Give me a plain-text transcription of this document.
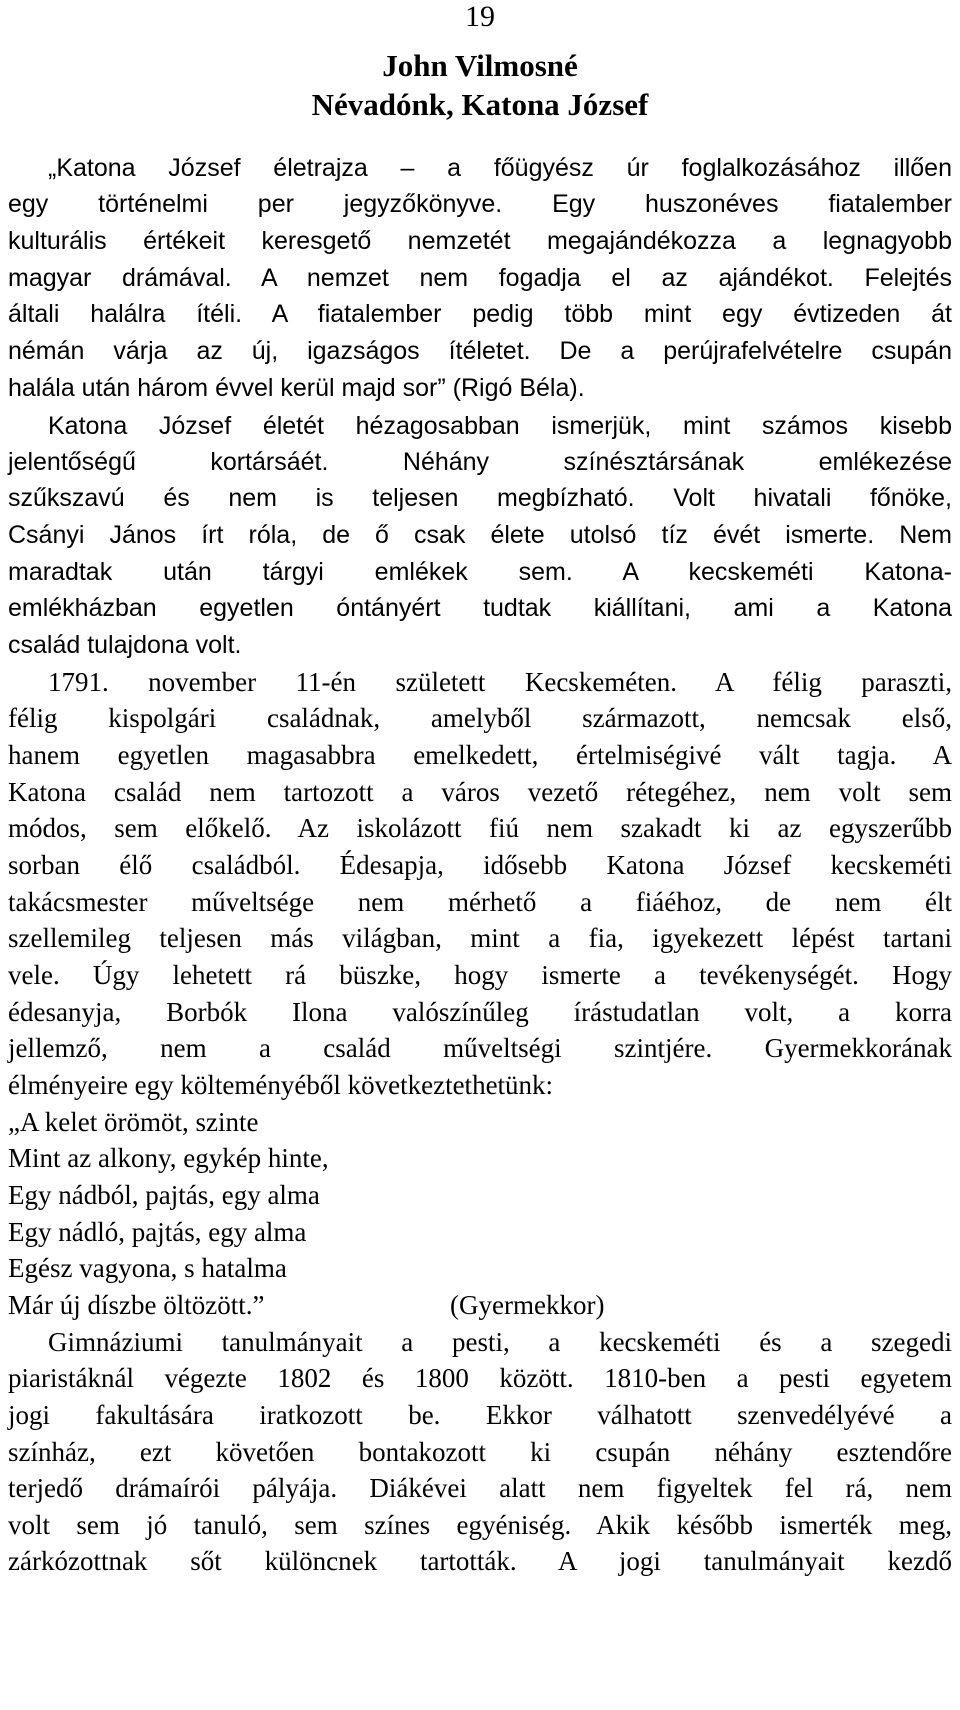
19
John Vilmosné
Névadónk, Katona József
„Katona József életrajza – a főügyész úr foglalkozásához illően
egy történelmi per jegyzőkönyve. Egy huszonéves fiatalember
kulturális értékeit keresgető nemzetét megajándékozza a legnagyobb
magyar drámával. A nemzet nem fogadja el az ajándékot. Felejtés
általi halálra ítéli. A fiatalember pedig több mint egy évtizeden át
némán várja az új, igazságos ítéletet. De a perújrafelvételre csupán
halála után három évvel kerül majd sor” (Rigó Béla).
Katona József életét hézagosabban ismerjük, mint számos kisebb
jelentőségű kortársáét. Néhány színésztársának emlékezése
szűkszavú és nem is teljesen megbízható. Volt hivatali főnöke,
Csányi János írt róla, de ő csak élete utolsó tíz évét ismerte. Nem
maradtak után tárgyi emlékek sem. A kecskeméti Katona-
emlékházban egyetlen óntányért tudtak kiállítani, ami a Katona
család tulajdona volt.
1791. november 11-én született Kecskeméten. A félig paraszti,
félig kispolgári családnak, amelyből származott, nemcsak első,
hanem egyetlen magasabbra emelkedett, értelmiségivé vált tagja. A
Katona család nem tartozott a város vezető rétegéhez, nem volt sem
módos, sem előkelő. Az iskolázott fiú nem szakadt ki az egyszerűbb
sorban élő családból. Édesapja, idősebb Katona József kecskeméti
takácsmester műveltsége nem mérhető a fiáéhoz, de nem élt
szellemileg teljesen más világban, mint a fia, igyekezett lépést tartani
vele. Úgy lehetett rá büszke, hogy ismerte a tevékenységét. Hogy
édesanyja, Borbók Ilona valószínűleg írástudatlan volt, a korra
jellemző, nem a család műveltségi szintjére. Gyermekkorának
élményeire egy költeményéből következtethetünk:
„A kelet örömöt, szinte
Mint az alkony, egykép hinte,
Egy nádból, pajtás, egy alma
Egy nádló, pajtás, egy alma
Egész vagyona, s hatalma
Már új díszbe öltözött.”	(Gyermekkor)
Gimnáziumi tanulmányait a pesti, a kecskeméti és a szegedi
piaristáknál végezte 1802 és 1800 között. 1810-ben a pesti egyetem
jogi fakultására iratkozott be. Ekkor válhatott szenvedélyévé a
színház, ezt követően bontakozott ki csupán néhány esztendőre
terjedő drámaírói pályája. Diákévei alatt nem figyeltek fel rá, nem
volt sem jó tanuló, sem színes egyéniség. Akik később ismerték meg,
zárkózottnak sőt különcnek tartották. A jogi tanulmányait kezdő
